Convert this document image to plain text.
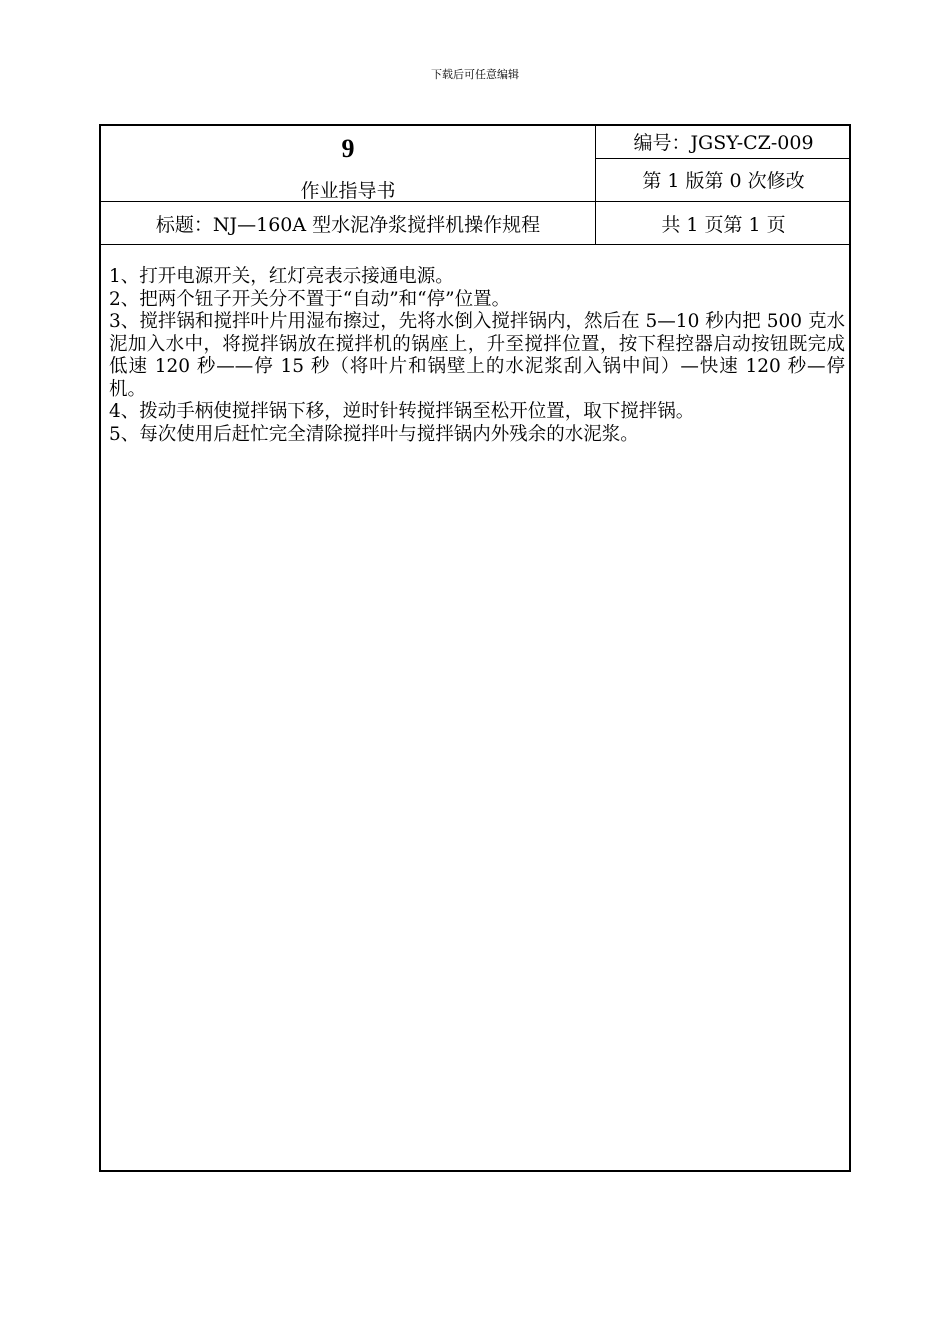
下载后可任意编辑
9
作业指导书
编号：JGSY-CZ-009
第 1 版第 0 次修改
标题：NJ—160A 型水泥净浆搅拌机操作规程	共 1 页第 1 页

1、打开电源开关，红灯亮表示接通电源。

2、把两个钮子开关分不置于“自动”和“停”位置。

3、搅拌锅和搅拌叶片用湿布擦过，先将水倒入搅拌锅内，然后在 5—10 秒内把 500 克水泥加入水中，将搅拌锅放在搅拌机的锅座上，升至搅拌位置，按下程控器启动按钮既完成低速 120 秒——停 15 秒（将叶片和锅壁上的水泥浆刮入锅中间）—快速 120 秒—停机。

4、拨动手柄使搅拌锅下移，逆时针转搅拌锅至松开位置，取下搅拌锅。

5、每次使用后赶忙完全清除搅拌叶与搅拌锅内外残余的水泥浆。
